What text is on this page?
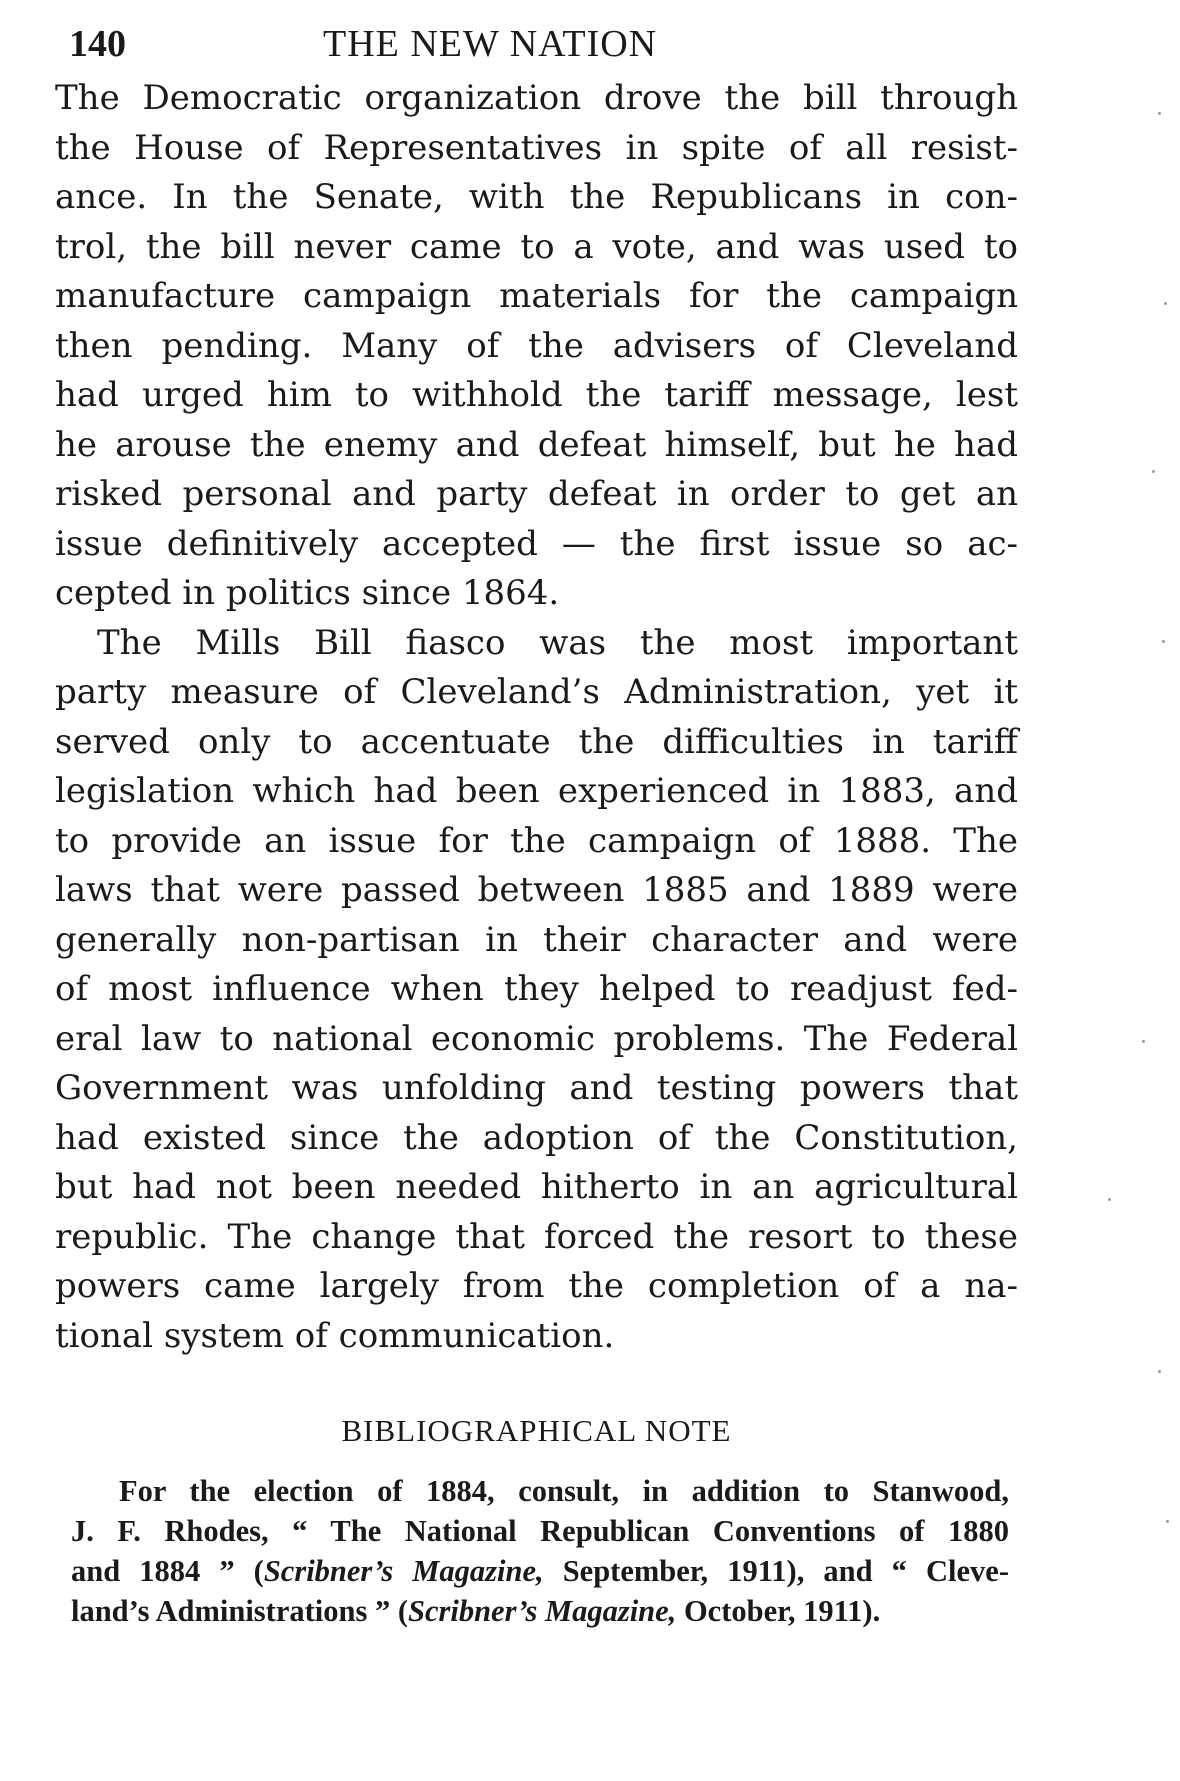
140	THE NEW NATION

The Democratic organization drove the bill through
the House of Representatives in spite of all resist-
ance. In the Senate, with the Republicans in con-
trol, the bill never came to a vote, and was used to
manufacture campaign materials for the campaign
then pending. Many of the advisers of Cleveland
had urged him to withhold the tariff message, lest
he arouse the enemy and defeat himself, but he had
risked personal and party defeat in order to get an
issue definitively accepted — the first issue so ac-
cepted in politics since 1864.

The Mills Bill fiasco was the most important
party measure of Cleveland’s Administration, yet it
served only to accentuate the difficulties in tariff
legislation which had been experienced in 1883, and
to provide an issue for the campaign of 1888. The
laws that were passed between 1885 and 1889 were
generally non-partisan in their character and were
of most influence when they helped to readjust fed-
eral law to national economic problems. The Federal
Government was unfolding and testing powers that
had existed since the adoption of the Constitution,
but had not been needed hitherto in an agricultural
republic. The change that forced the resort to these
powers came largely from the completion of a na-
tional system of communication.

BIBLIOGRAPHICAL NOTE
For the election of 1884, consult, in addition to Stanwood,
J. F. Rhodes, “ The National Republican Conventions of 1880
and 1884 ” (Scribner’s Magazine, September, 1911), and “ Cleve-
land’s Administrations ” (Scribner’s Magazine, October, 1911).
